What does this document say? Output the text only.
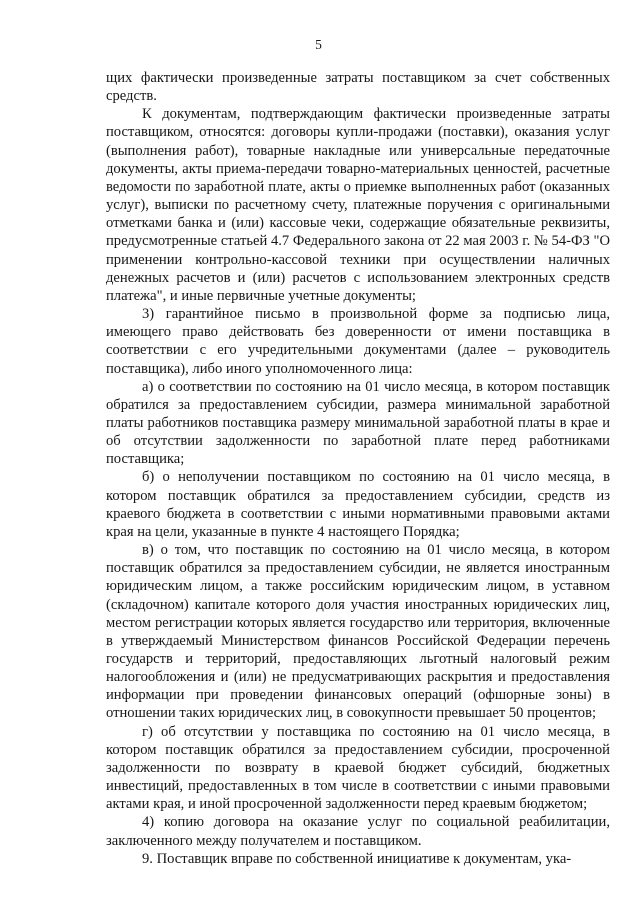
5

щих фактически произведенные затраты поставщиком за счет собственных средств.

К документам, подтверждающим фактически произведенные затраты поставщиком, относятся: договоры купли-продажи (поставки), оказания услуг (выполнения работ), товарные накладные или универсальные передаточные документы, акты приема-передачи товарно-материальных ценностей, расчетные ведомости по заработной плате, акты о приемке выполненных работ (оказанных услуг), выписки по расчетному счету, платежные поручения с оригинальными отметками банка и (или) кассовые чеки, содержащие обязательные реквизиты, предусмотренные статьей 4.7 Федерального закона от 22 мая 2003 г. № 54-ФЗ "О применении контрольно-кассовой техники при осуществлении наличных денежных расчетов и (или) расчетов с использованием электронных средств платежа", и иные первичные учетные документы;

3) гарантийное письмо в произвольной форме за подписью лица, имеющего право действовать без доверенности от имени поставщика в соответствии с его учредительными документами (далее – руководитель поставщика), либо иного уполномоченного лица:

а) о соответствии по состоянию на 01 число месяца, в котором поставщик обратился за предоставлением субсидии, размера минимальной заработной платы работников поставщика размеру минимальной заработной платы в крае и об отсутствии задолженности по заработной плате перед работниками поставщика;

б) о неполучении поставщиком по состоянию на 01 число месяца, в котором поставщик обратился за предоставлением субсидии, средств из краевого бюджета в соответствии с иными нормативными правовыми актами края на цели, указанные в пункте 4 настоящего Порядка;

в) о том, что поставщик по состоянию на 01 число месяца, в котором поставщик обратился за предоставлением субсидии, не является иностранным юридическим лицом, а также российским юридическим лицом, в уставном (складочном) капитале которого доля участия иностранных юридических лиц, местом регистрации которых является государство или территория, включенные в утверждаемый Министерством финансов Российской Федерации перечень государств и территорий, предоставляющих льготный налоговый режим налогообложения и (или) не предусматривающих раскрытия и предоставления информации при проведении финансовых операций (офшорные зоны) в отношении таких юридических лиц, в совокупности превышает 50 процентов;

г) об отсутствии у поставщика по состоянию на 01 число месяца, в котором поставщик обратился за предоставлением субсидии, просроченной задолженности по возврату в краевой бюджет субсидий, бюджетных инвестиций, предоставленных в том числе в соответствии с иными правовыми актами края, и иной просроченной задолженности перед краевым бюджетом;

4) копию договора на оказание услуг по социальной реабилитации, заключенного между получателем и поставщиком.

9. Поставщик вправе по собственной инициативе к документам, ука-
